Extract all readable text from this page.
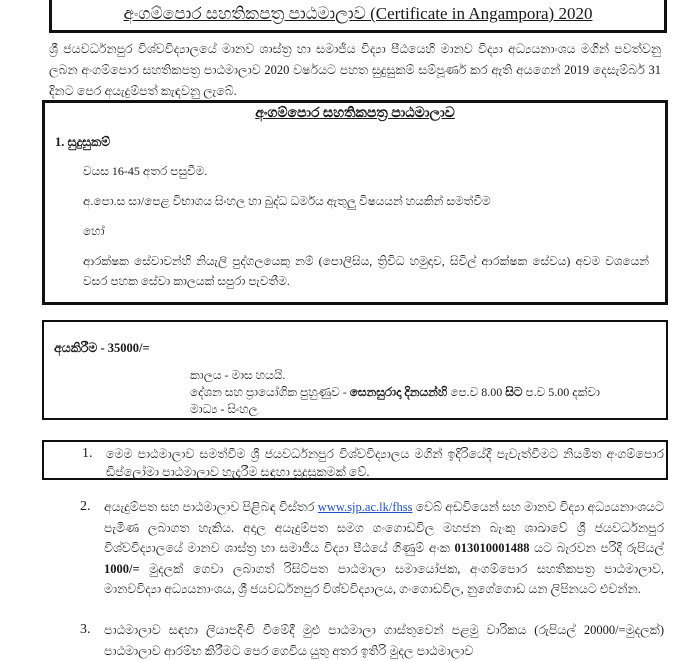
අංගම්පොර සහතිකපත්‍ර පාඨමාලාව (Certificate in Angampora) 2020
ශ්‍රී ජයවර්ධනපුර විශ්වවිද්‍යාලයේ මානව ශාස්ත්‍ර හා සමාජීය විද්‍යා පීඨයෙහි මානව විද්‍යා අධ්‍යයනාංශය මගින් පවත්වනු ලබන අංගම්පොර සහතිකපත්‍ර පාඨමාලාව 2020 වර්ෂයට පහත සුදුසුකම් සම්පූර්ණ කර ඇති අයගෙන් 2019 දෙසැම්බර් 31 දිනට පෙර අයැදුම්පත් කැඳවනු ලැබේ.
අංගම්පොර සහතිකපත්‍ර පාඨමාලාව
1. සුදුසුකම්
වයස 16-45 අතර පසුවීම.
අ.පො.ස සා/පෙළ විභාගය සිංහල හා බුද්ධ ධර්මය ඇතුලු විෂයයන් හයකින් සමත්වීම
හෝ
ආරක්ෂක සේවාවන්හි නියැලි පුද්ගලයෙකු නම් (පොලිසිය, ත්‍රිවිධ හමුදාව, සිවිල් ආරක්ෂක සේවය) අවම වශයෙන් වසර පහක සේවා කාලයක් සපුරා පැවතීම.
අයකිරීම - 35000/=
කාලය - මාස හයයි.
දේශන සහ ප්‍රායෝගික පුහුණුව - සෙනසුරාදා දිනයන්හි පෙ.ව 8.00 සිට ප.ව 5.00 දක්වා
මාධ්‍ය - සිංහල
1. මෙම පාඨමාලාව සමත්වීම ශ්‍රී ජයවර්ධනපුර විශ්වවිද්‍යාලය මගින් ඉදිරියේදී පැවැත්වීමට නියමිත අංගම්පොර ඩිප්ලෝමා පාඨමාලාව හැදෑරීම සඳහා සුදුසුකමක් වේ.
2. අයැදුම්පත සහ පාඨමාලාව පිළිබඳ විස්තර www.sjp.ac.lk/fhss වෙබ් අඩවියෙන් සහ මානව විද්‍යා අධ්‍යයනාංශයට පැමිණ ලබාගත හැකිය. අදාල අයැදුම්පත සමග ගංගොඩවිල මහජන බැංකු ශාඛාවේ ශ්‍රී ජයවර්ධනපුර විශ්වවිද්‍යාලයේ මානව ශාස්ත්‍ර හා සමාජීය විද්‍යා පීඨයේ ගිණුම් අංක 013010001488 යට බැරවන පරිදි රුපියල් 1000/= මුදලක් ගෙවා ලබාගත් රිසිට්පත පාඨමාලා සමායෝජක, අංගම්පොර සහතිකපත්‍ර පාඨමාලාව, මානවවිද්‍යා අධ්‍යයනාංශය, ශ්‍රී ජයවර්ධනපුර විශ්වවිද්‍යාලය, ගංගොඩවිල, නුගේගොඩ යන ලිපිනයට එවන්න.
3. පාඨමාලාව සඳහා ලියාපදිංචි වීමේදී මුළු පාඨමාලා ගාස්තුවෙන් පළමු වාරිකය (රුපියල් 20000/=මුදලක්) පාඨමාලාව ආරම්භ කිරීමට පෙර ගෙවිය යුතු අතර ඉතිරි මුදල පාඨමාලාව
